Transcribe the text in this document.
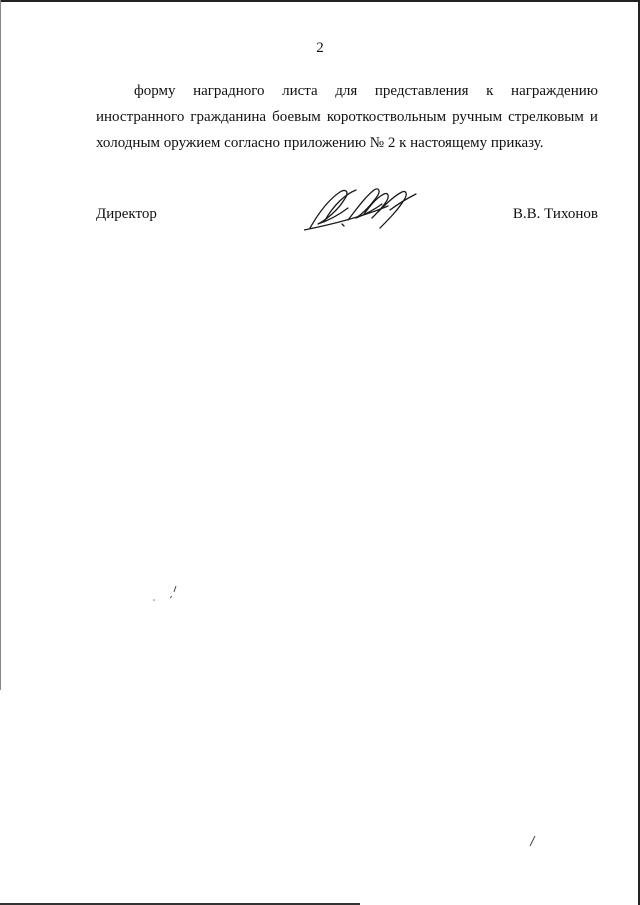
2
форму наградного листа для представления к награждению
иностранного гражданина боевым короткоствольным ручным стрелковым и
холодным оружием согласно приложению № 2 к настоящему приказу.
Директор	В.В. Тихонов
